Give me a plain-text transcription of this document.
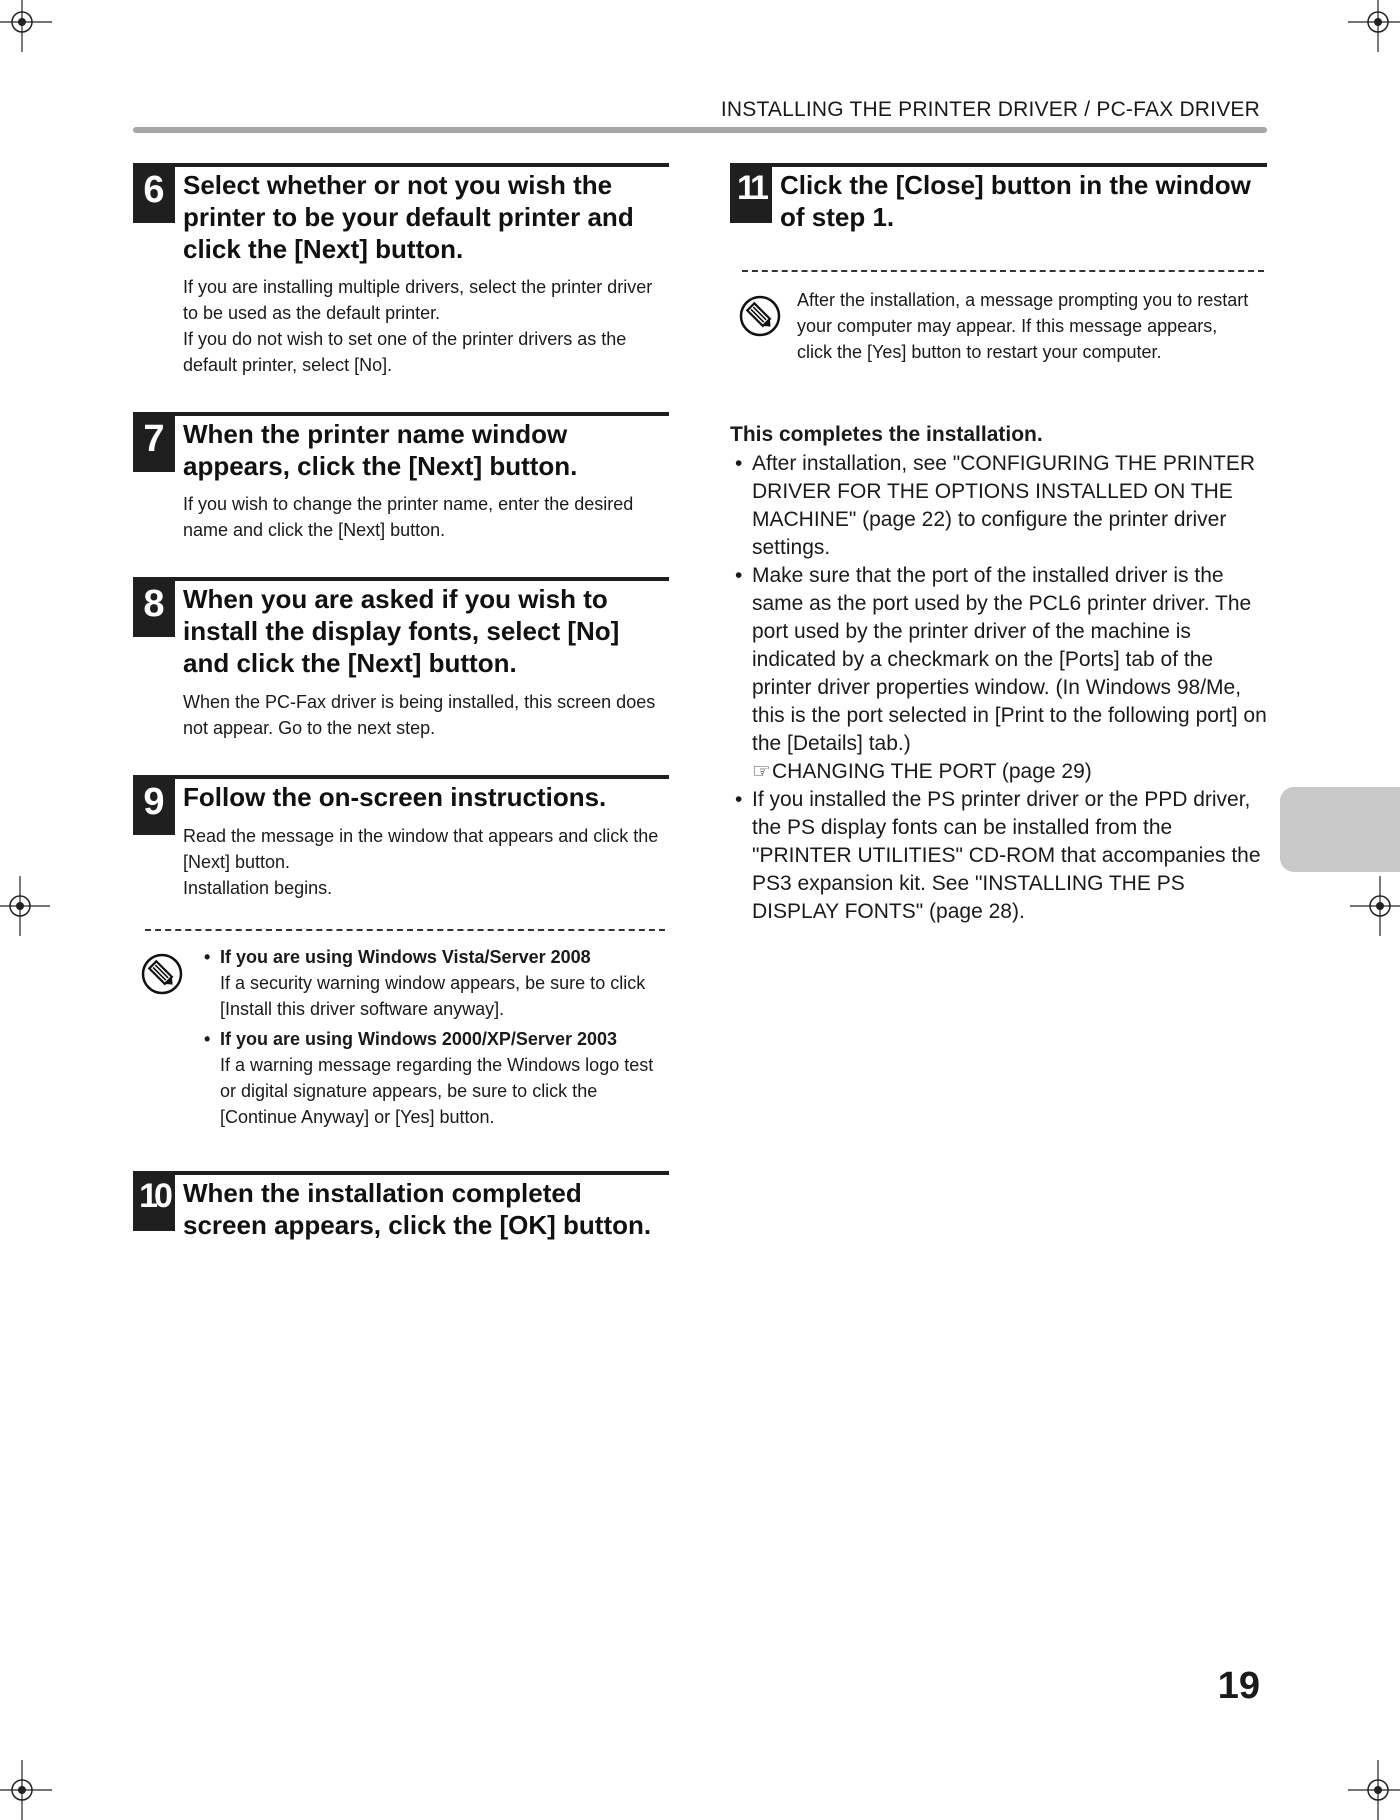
INSTALLING THE PRINTER DRIVER / PC-FAX DRIVER
6 Select whether or not you wish the printer to be your default printer and click the [Next] button.
If you are installing multiple drivers, select the printer driver to be used as the default printer.
If you do not wish to set one of the printer drivers as the default printer, select [No].
7 When the printer name window appears, click the [Next] button.
If you wish to change the printer name, enter the desired name and click the [Next] button.
8 When you are asked if you wish to install the display fonts, select [No] and click the [Next] button.
When the PC-Fax driver is being installed, this screen does not appear. Go to the next step.
9 Follow the on-screen instructions.
Read the message in the window that appears and click the [Next] button.
Installation begins.
• If you are using Windows Vista/Server 2008
If a security warning window appears, be sure to click [Install this driver software anyway].
• If you are using Windows 2000/XP/Server 2003
If a warning message regarding the Windows logo test or digital signature appears, be sure to click the [Continue Anyway] or [Yes] button.
10 When the installation completed screen appears, click the [OK] button.
11 Click the [Close] button in the window of step 1.
After the installation, a message prompting you to restart your computer may appear. If this message appears, click the [Yes] button to restart your computer.
This completes the installation.
• After installation, see "CONFIGURING THE PRINTER DRIVER FOR THE OPTIONS INSTALLED ON THE MACHINE" (page 22) to configure the printer driver settings.
• Make sure that the port of the installed driver is the same as the port used by the PCL6 printer driver. The port used by the printer driver of the machine is indicated by a checkmark on the [Ports] tab of the printer driver properties window. (In Windows 98/Me, this is the port selected in [Print to the following port] on the [Details] tab.)
☞ CHANGING THE PORT (page 29)
• If you installed the PS printer driver or the PPD driver, the PS display fonts can be installed from the "PRINTER UTILITIES" CD-ROM that accompanies the PS3 expansion kit. See "INSTALLING THE PS DISPLAY FONTS" (page 28).
19
